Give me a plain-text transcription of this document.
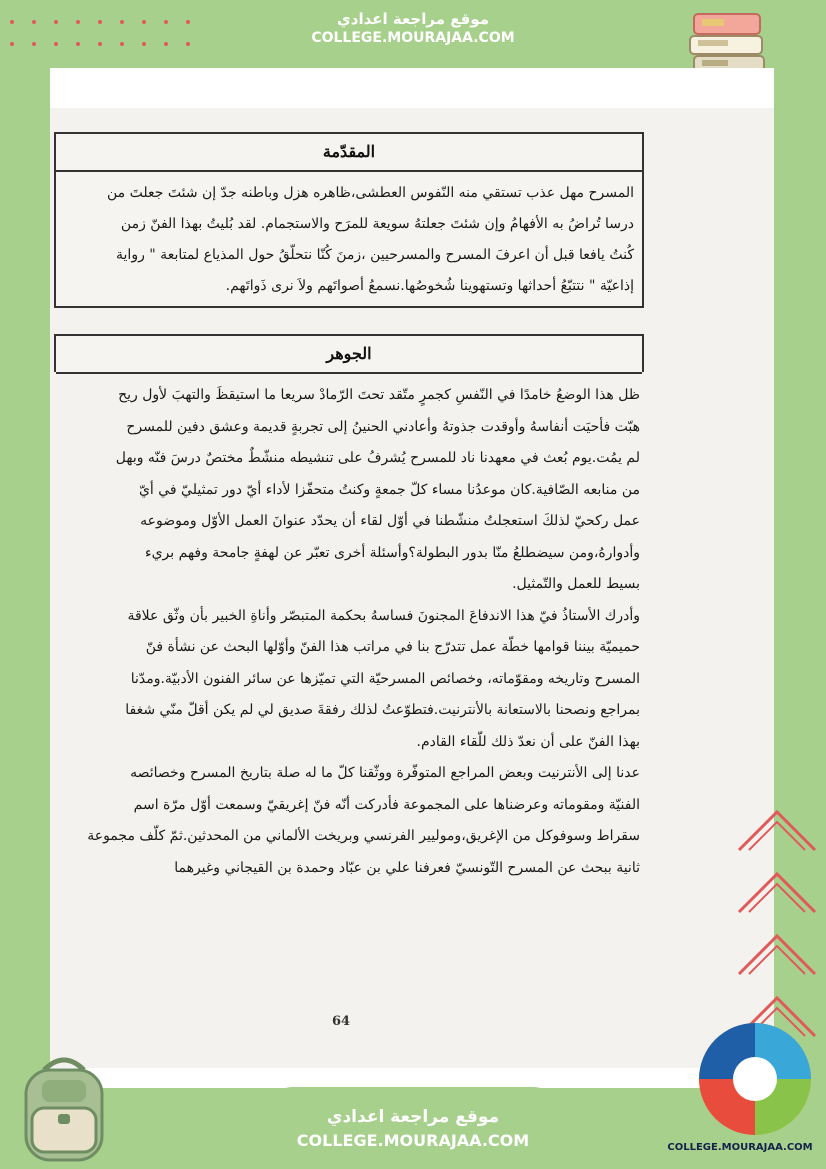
موقع مراجعة اعدادي
COLLEGE.MOURAJAA.COM
المقدّمة
المسرح مهل عذب تستقي منه النّفوس العطشى،ظاهره هزل وباطنه جدّ إن شئتَ جعلتَ من
درسا تُراضُ به الأفهامُ وإن شئتَ جعلتهُ سويعة للمرَح والاستجمام. لقد بُليتُ بهذا الفنّ زمن
كُنتُ يافعا قبل أن اعرفَ المسرح والمسرحيين ،زمنَ كُنّا نتحلّقُ حول المذياع لمتابعة " رواية
إذاعيّة " نتتبّعُ أحداثها وتستهوينا شُخوصُها.نسمعُ أصواتَهم ولاَ نرى ذَواتَهم.
الجوهر
ظل هذا الوضعُ خامدًا في النّفسِ كجمرٍ متّقد تحتَ الرّمادْ سريعا ما استيقظَ والتهبَ لأول ريح
هبّت فأحيَت أنفاسهُ وأوقدت جذوتهُ وأعادني الحنينُ إلى تجربةٍ قديمة وعشق دفين للمسرح
لم يمُت.يوم بُعث في معهدنا ناد للمسرح يُشرفُ على تنشيطه منشّطٌ مختصٌ درسَ فنّه وبهل
من منابعه الصّافية.كان موعدُنا مساء كلّ جمعةٍ وكنتُ متحفّزا لأداء أيّ دور تمثيليّ في أيّ
عمل ركحيّ لذلكَ استعجلتُ منشّطنا في أوّل لقاء أن يحدّد عنوانَ العمل الأوّل وموضوعه
وأدوارهُ،ومن سيضطلعُ منّا بدور البطولة؟وأسئلة أخرى تعبّر عن لهفةٍ جامحة وفهم بريء
بسيط للعمل والتّمثيل.
وأدرك الأستاذُ فيّ هذا الاندفاعَ المجنونَ فساسهُ بحكمة المتبصّر وأناةِ الخبير بأن وثّق علاقة
حميميّة بيننا قوامها خطّة عمل تتدرّج بنا في مراتب هذا الفنّ وأوّلها البحث عن نشأة فنّ
المسرح وتاريخه ومقوّماته، وخصائص المسرحيّة التي تميّزها عن سائر الفنون الأدبيّة.ومدّنا
بمراجع ونصحنا بالاستعانة بالأنترنيت.فتطوّعتُ لذلك رفقةَ صديق لي لم يكن أقلّ منّي شغفا
بهذا الفنّ على أن نعدّ ذلك للّقاء القادم.
عدنا إلى الأنترنيت وبعض المراجع المتوفّرة ووثّقنا كلّ ما له صلة بتاريخ المسرح وخصائصه
الفنيّة ومقوماته وعرضناها على المجموعة فأدركت أنّه فنّ إغريقيّ وسمعت أوّل مرّة اسم
سقراط وسوفوكل من الإغريق،وموليير الفرنسي وبريخت الألماني من المحدثين.ثمّ كلّف مجموعة
ثانية ببحث عن المسرح التّونسيّ فعرفنا علي بن عبّاد وحمدة بن القيجاني وغيرهما
64
موقع مراجعة اعدادي
COLLEGE.MOURAJAA.COM	COLLEGE.MOURAJAA.COM
